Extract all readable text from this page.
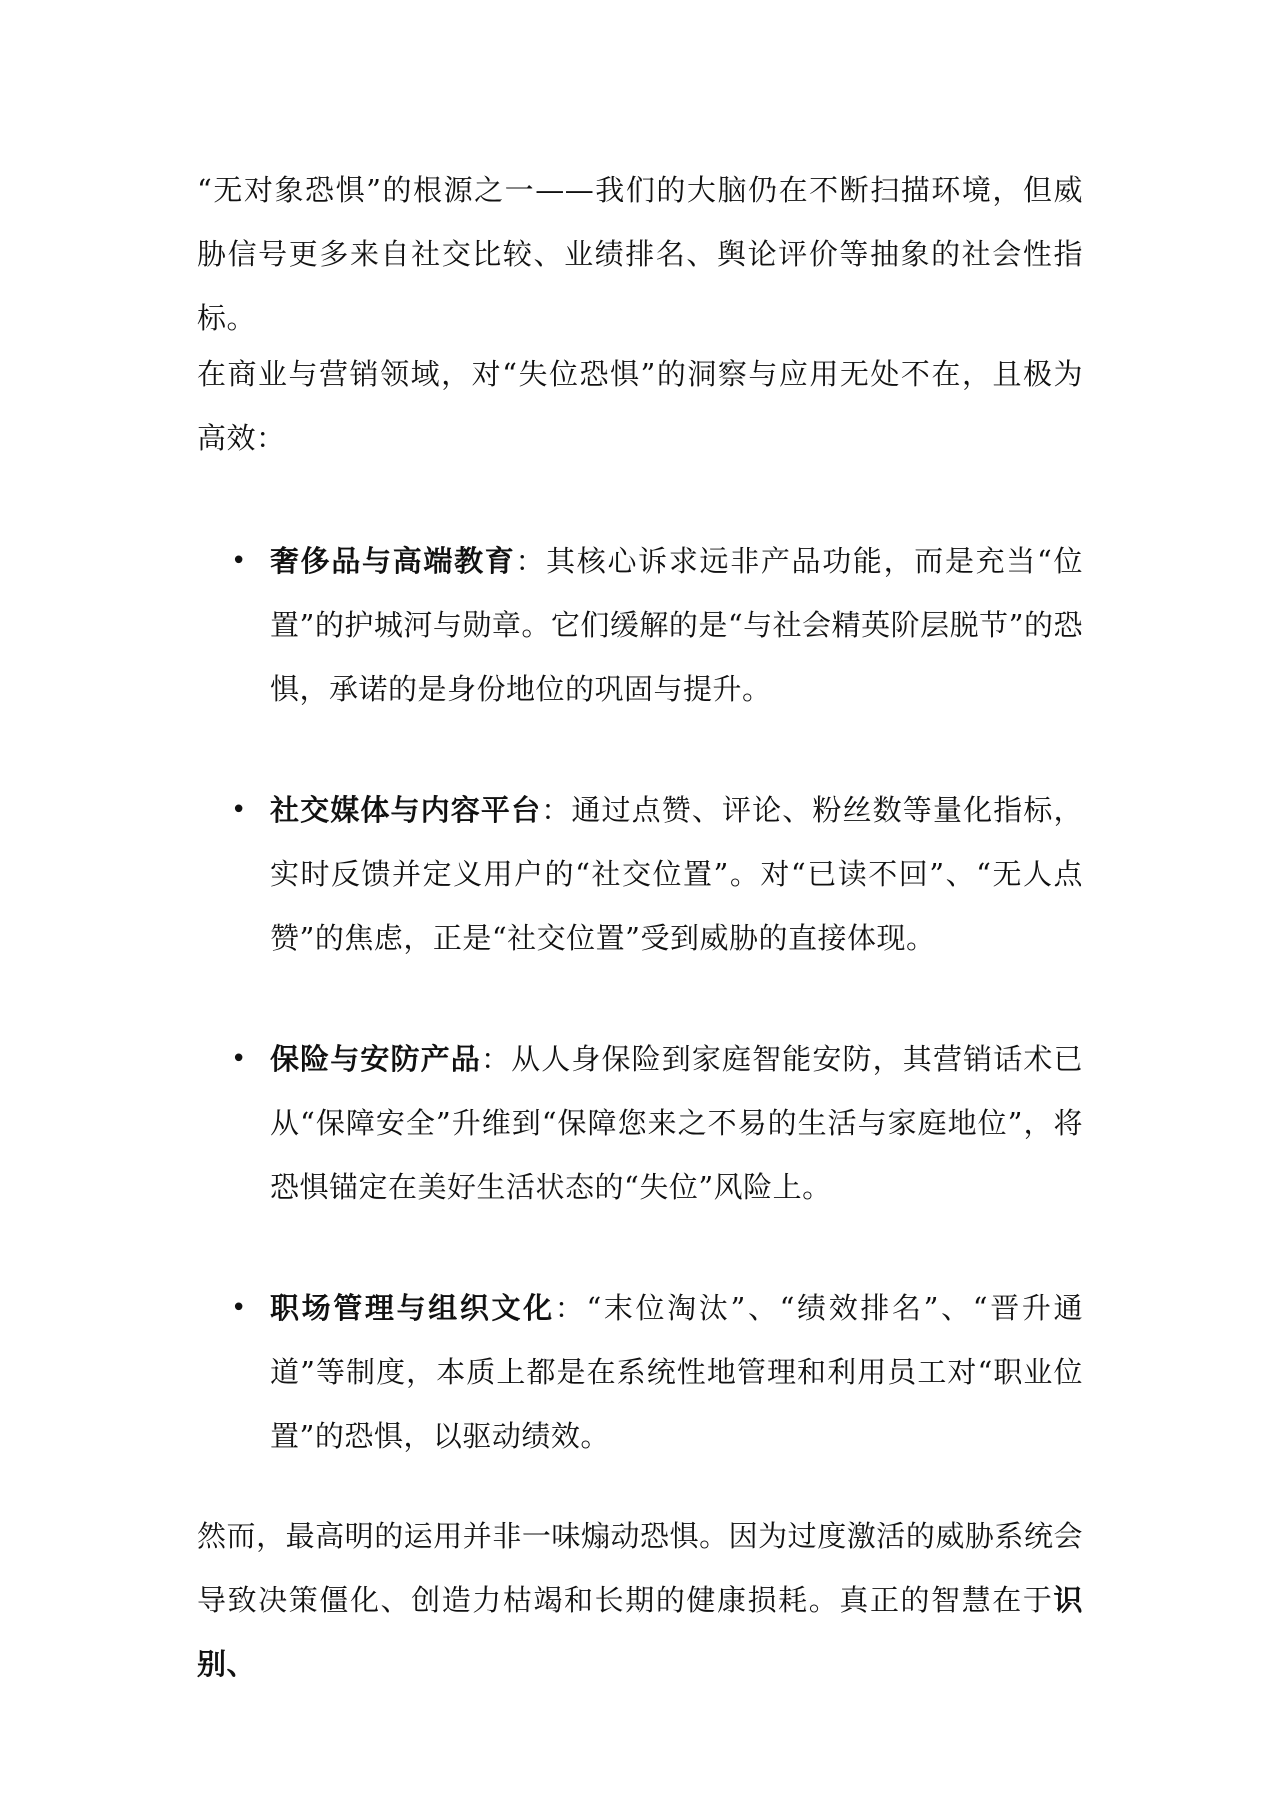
“无对象恐惧”的根源之一——我们的大脑仍在不断扫描环境，但威胁信号更多来自社交比较、业绩排名、舆论评价等抽象的社会性指标。

在商业与营销领域，对“失位恐惧”的洞察与应用无处不在，且极为高效：

• 奢侈品与高端教育：其核心诉求远非产品功能，而是充当“位置”的护城河与勋章。它们缓解的是“与社会精英阶层脱节”的恐惧，承诺的是身份地位的巩固与提升。
• 社交媒体与内容平台：通过点赞、评论、粉丝数等量化指标，实时反馈并定义用户的“社交位置”。对“已读不回”、“无人点赞”的焦虑，正是“社交位置”受到威胁的直接体现。
• 保险与安防产品：从人身保险到家庭智能安防，其营销话术已从“保障安全”升维到“保障您来之不易的生活与家庭地位”，将恐惧锚定在美好生活状态的“失位”风险上。
• 职场管理与组织文化：“末位淘汰”、“绩效排名”、“晋升通道”等制度，本质上都是在系统性地管理和利用员工对“职业位置”的恐惧，以驱动绩效。

然而，最高明的运用并非一味煽动恐惧。因为过度激活的威胁系统会导致决策僵化、创造力枯竭和长期的健康损耗。真正的智慧在于识别、
